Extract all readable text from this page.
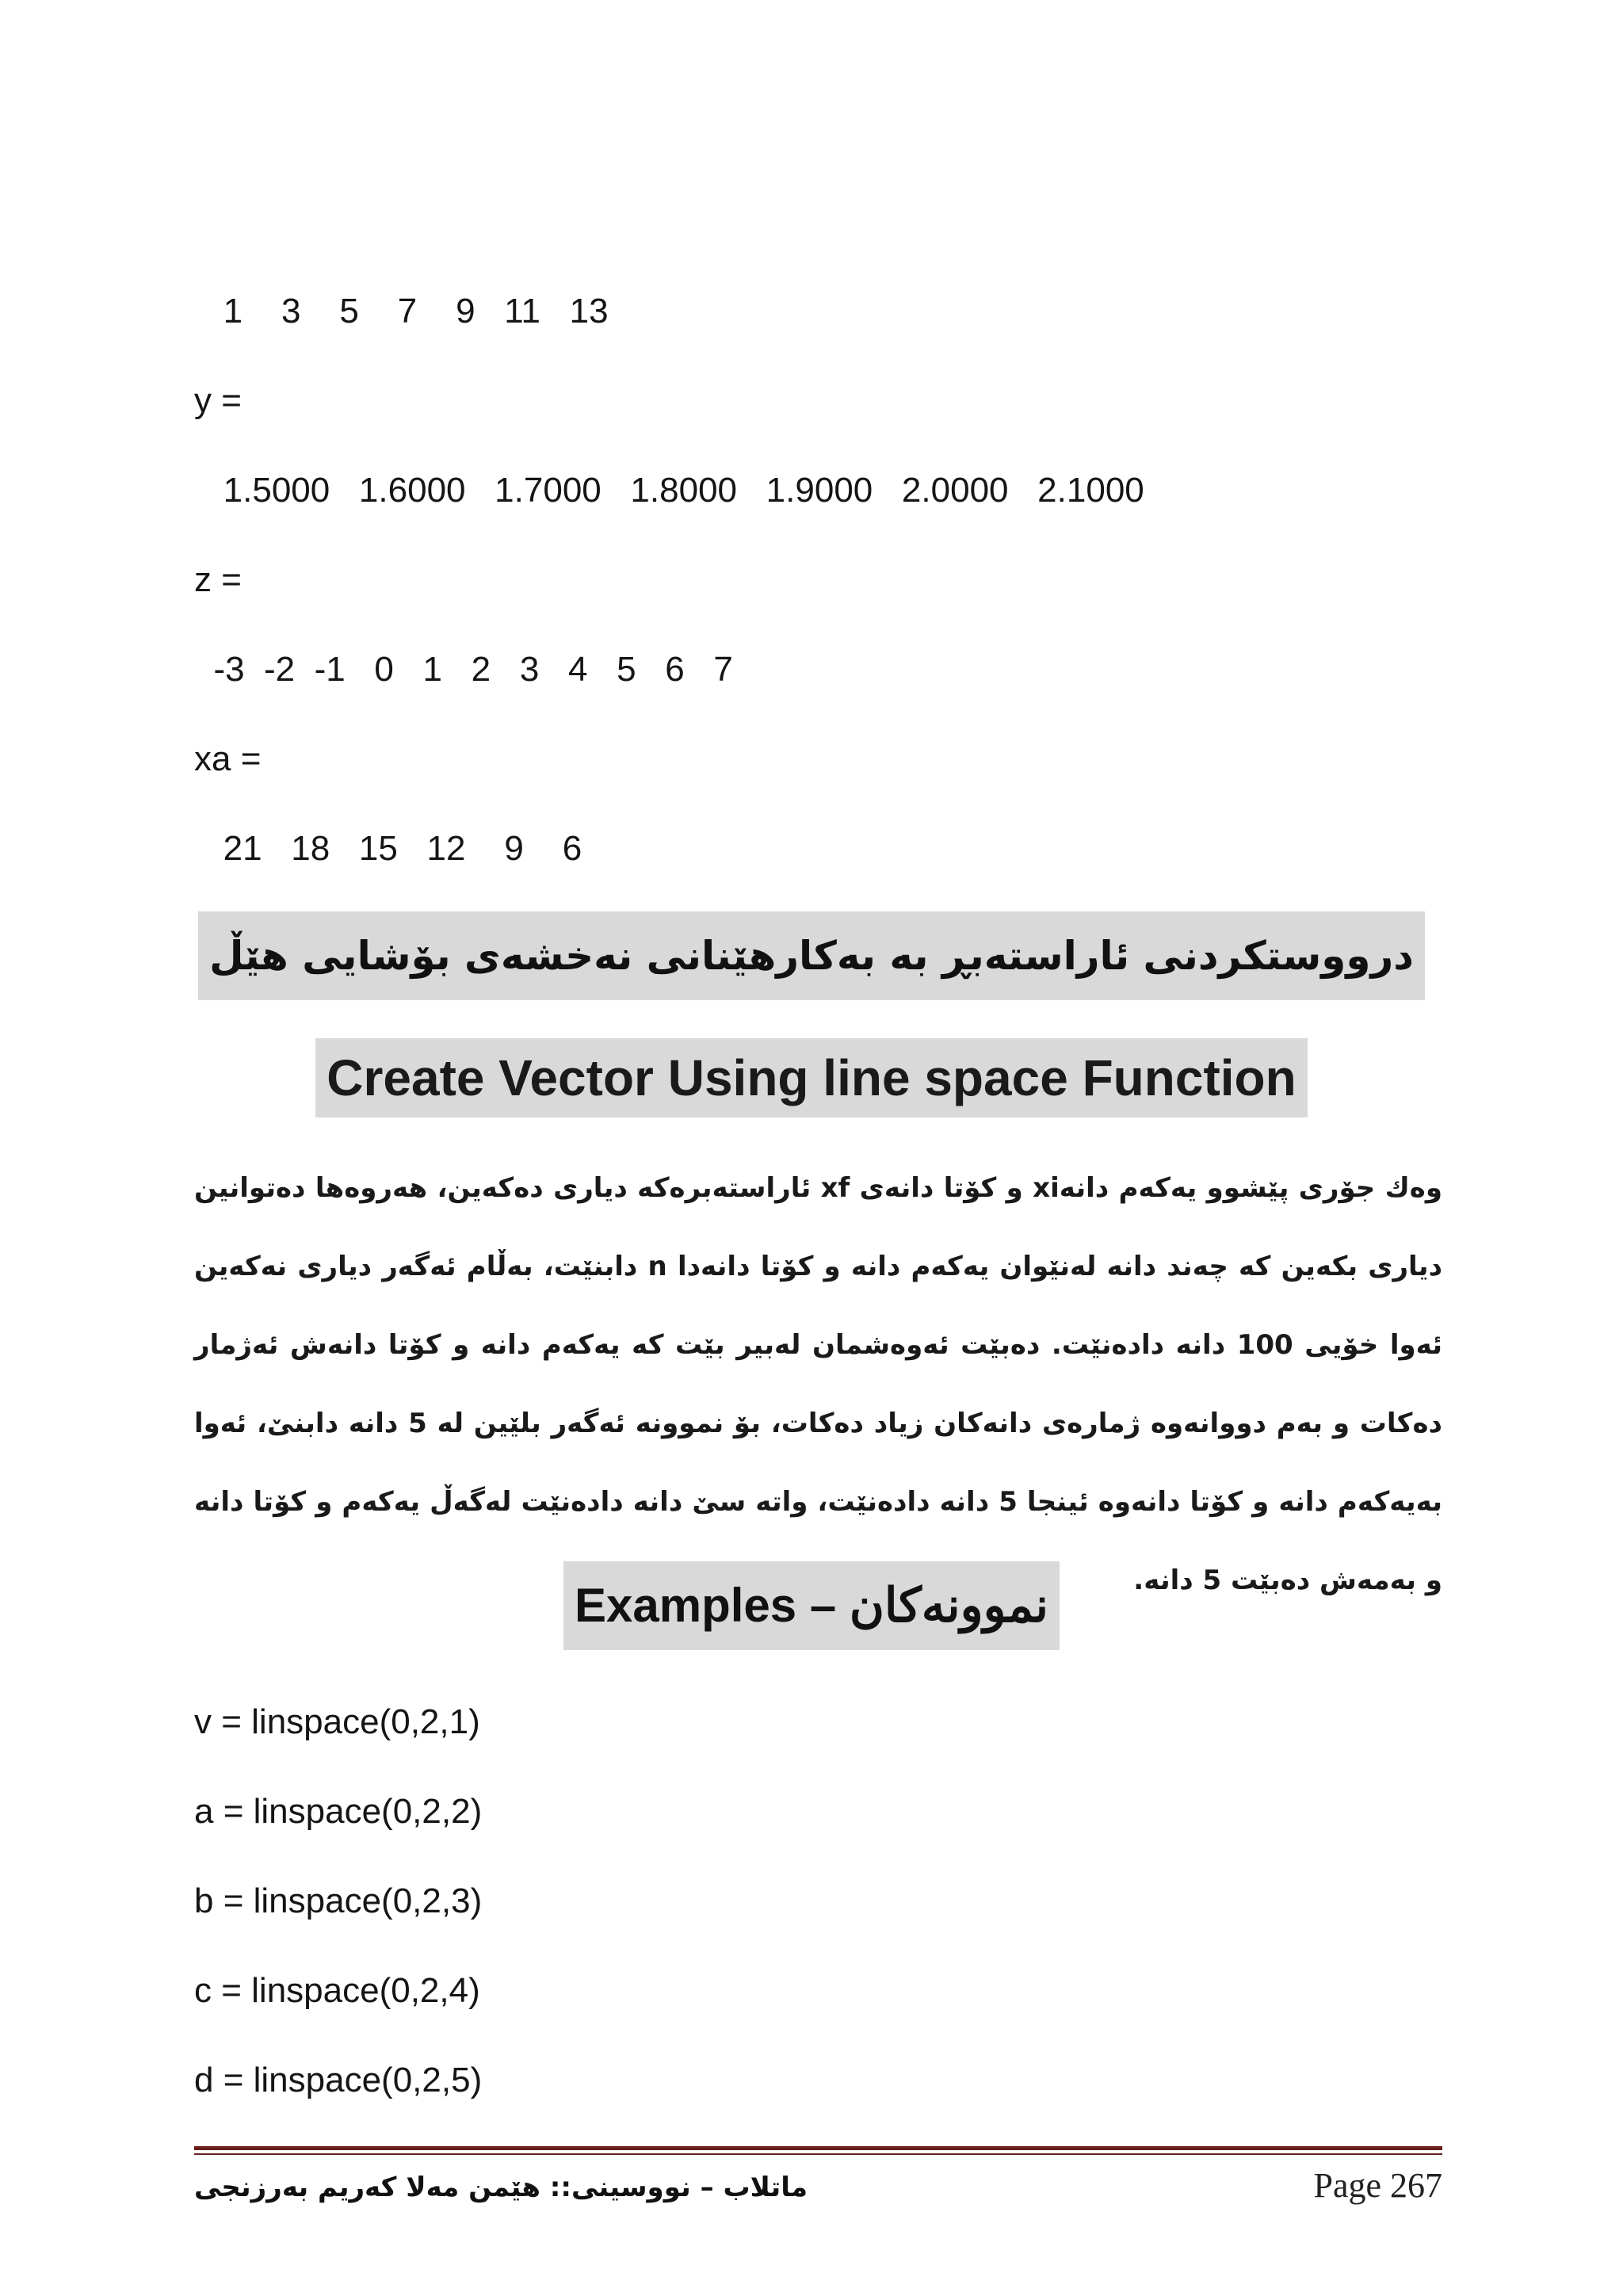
1    3    5    7    9   11   13
y =
1.5000   1.6000   1.7000   1.8000   1.9000   2.0000   2.1000
z =
-3  -2  -1   0   1   2   3   4   5   6   7
xa =
21   18   15   12    9    6
درووستکردنی ئاراستەبڕ بە بەکارهێنانی نەخشەی بۆشایی هێڵ
Create Vector Using line space Function
وەك جۆری پێشوو یەکەم دانەxi و کۆتا دانەی xf ئاراستەبرەکە دیاری دەکەین، هەروەها دەتوانین دیاری بکەین کە چەند دانە لەنێوان یەکەم دانە و کۆتا دانەدا n دابنێت، بەڵام ئەگەر دیاری نەکەین ئەوا خۆیی 100 دانە دادەنێت. دەبێت ئەوەشمان لەبیر بێت کە یەکەم دانە و کۆتا دانەش ئەژمار دەکات و بەم دووانەوە ژمارەی دانەکان زیاد دەکات، بۆ نموونە ئەگەر بلێین لە 5 دانە دابنێ، ئەوا بەیەکەم دانە و کۆتا دانەوە ئینجا 5 دانە دادەنێت، واتە سێ دانە دادەنێت لەگەڵ یەکەم و کۆتا دانە و بەمەش دەبێت 5 دانە.
Examples – نموونەکان
v = linspace(0,2,1)
a = linspace(0,2,2)
b = linspace(0,2,3)
c = linspace(0,2,4)
d = linspace(0,2,5)
ماتلاب – نووسینی:: هێمن مەلا کەریم بەرزنجی	Page 267
